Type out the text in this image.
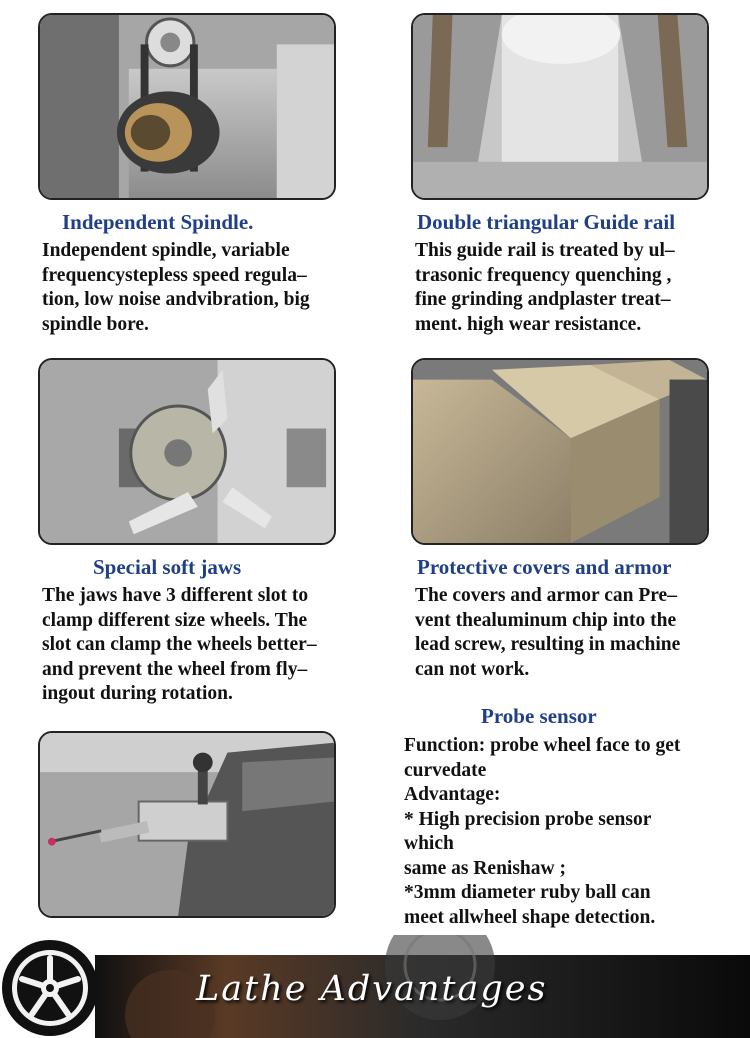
Independent Spindle.
Independent spindle, variable
frequencystepless speed regula–
tion, low noise andvibration, big
spindle bore.
Double triangular Guide rail
This guide rail is treated by ul–
trasonic frequency quenching ,
fine grinding andplaster treat–
ment. high wear resistance.
Special soft jaws
The jaws have 3 different slot to
clamp different size wheels. The
slot can clamp the wheels better–
and prevent the wheel from fly–
ingout during rotation.
Protective covers and armor
The covers and armor can Pre–
vent thealuminum chip into the
lead screw, resulting in machine
can not work.
Probe sensor
Function: probe wheel face to get
curvedate
Advantage:
* High precision probe sensor
which
same as Renishaw ;
*3mm diameter ruby ball can
meet allwheel shape detection.
Lathe Advantages
